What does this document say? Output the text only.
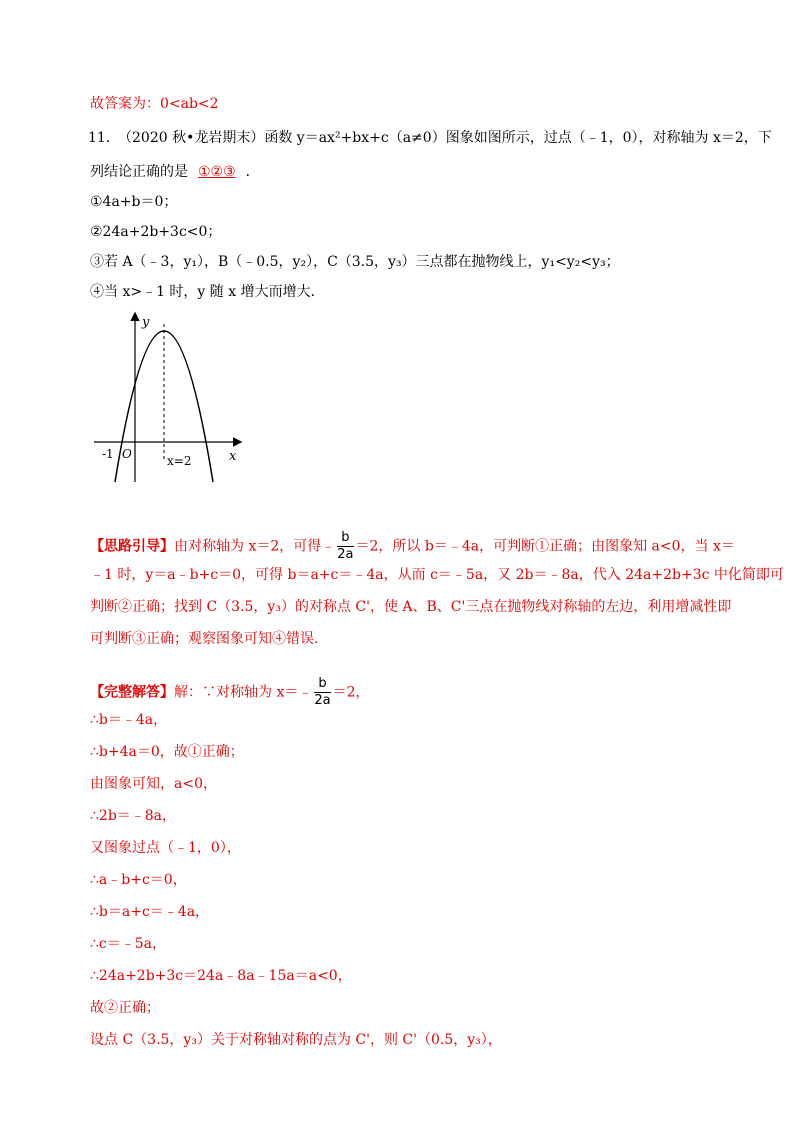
故答案为：0<ab<2
11. （2020 秋•龙岩期末）函数 y＝ax²+bx+c（a≠0）图象如图所示，过点（﹣1，0），对称轴为 x＝2，下
列结论正确的是 ①②③ ．
①4a+b＝0；
②24a+2b+3c<0；
③若 A（﹣3，y₁），B（﹣0.5，y₂），C（3.5，y₃）三点都在抛物线上，y₁<y₂<y₃；
④当 x>﹣1 时，y 随 x 增大而增大．
y
x
O
-1	x=2
【思路引导】由对称轴为 x＝2，可得﹣ $\frac{b}{2a} =2$，所以 b＝﹣4a，可判断①正确；由图象知 a<0，当 x＝
﹣1 时，y＝a﹣b+c＝0，可得 b＝a+c＝﹣4a，从而 c＝﹣5a，又 2b＝﹣8a，代入 24a+2b+3c 中化简即可
判断②正确；找到 C（3.5，y₃）的对称点 C'，使 A、B、C'三点在抛物线对称轴的左边，利用增减性即
可判断③正确；观察图象可知④错误．
【完整解答】解：∵对称轴为 x＝﹣ $\frac{b}{2a} =2$，
∴b＝﹣4a，
∴b+4a＝0，故①正确；
由图象可知，a<0，
∴2b＝﹣8a，
又图象过点（﹣1，0），
∴a﹣b+c＝0，
∴b＝a+c＝﹣4a，
∴c＝﹣5a，
∴24a+2b+3c＝24a﹣8a﹣15a＝a<0，
故②正确；
设点 C（3.5，y₃）关于对称轴对称的点为 C'，则 C'（0.5，y₃），
